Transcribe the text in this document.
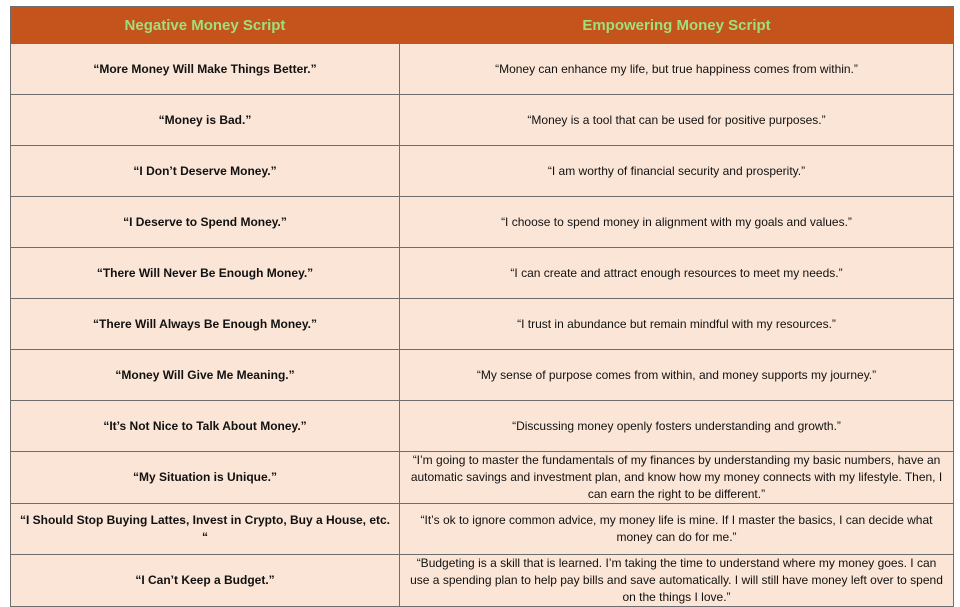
Negative Money Script	Empowering Money Script
“More Money Will Make Things Better.”	“Money can enhance my life, but true happiness comes from within.”
“Money is Bad.”	“Money is a tool that can be used for positive purposes.”
“I Don’t Deserve Money.”	“I am worthy of financial security and prosperity.”
“I Deserve to Spend Money.”	“I choose to spend money in alignment with my goals and values.”
“There Will Never Be Enough Money.”	“I can create and attract enough resources to meet my needs.”
“There Will Always Be Enough Money.”	“I trust in abundance but remain mindful with my resources.”
“Money Will Give Me Meaning.”	“My sense of purpose comes from within, and money supports my journey.”
“It’s Not Nice to Talk About Money.”	“Discussing money openly fosters understanding and growth.”
“My Situation is Unique.”	“I’m going to master the fundamentals of my finances by understanding my basic numbers, have an automatic savings and investment plan, and know how my money connects with my lifestyle. Then, I can earn the right to be different.”
“I Should Stop Buying Lattes, Invest in Crypto, Buy a House, etc. “	“It’s ok to ignore common advice, my money life is mine. If I master the basics, I can decide what money can do for me.”
“I Can’t Keep a Budget.”	“Budgeting is a skill that is learned. I’m taking the time to understand where my money goes. I can use a spending plan to help pay bills and save automatically. I will still have money left over to spend on the things I love.”
